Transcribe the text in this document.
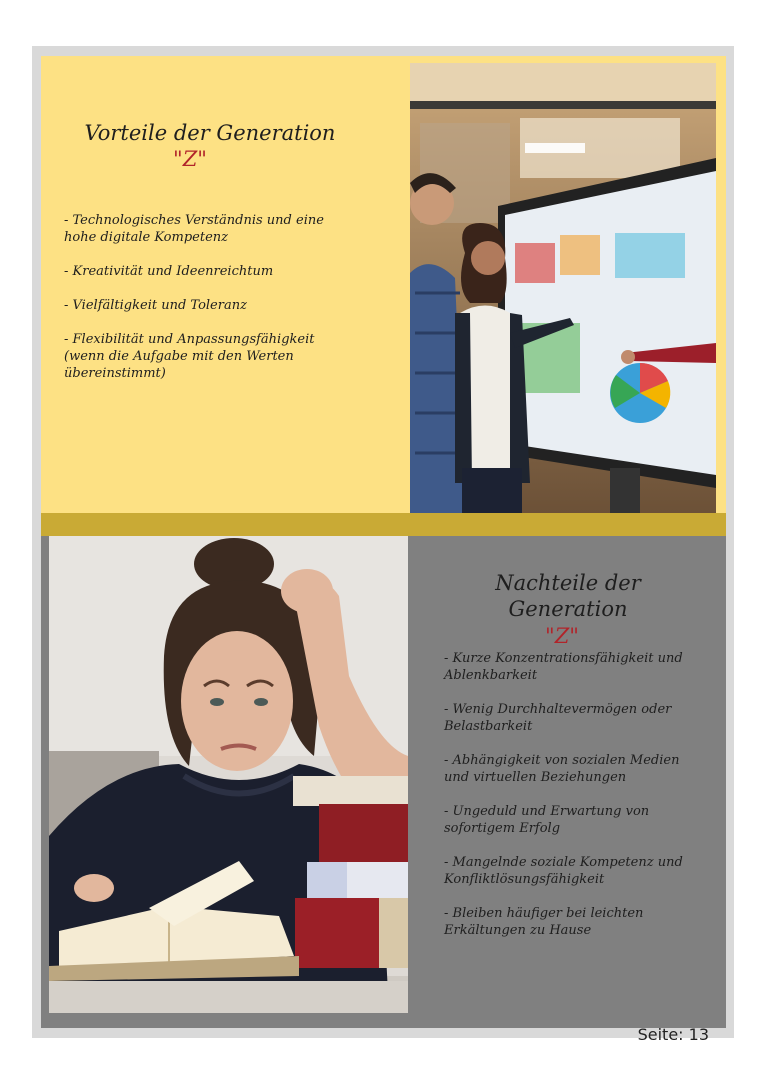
Vorteile der Generation
"Z"
- Technologisches Verständnis und eine
hohe digitale Kompetenz
- Kreativität und Ideenreichtum
- Vielfältigkeit und Toleranz
- Flexibilität und Anpassungsfähigkeit
(wenn die Aufgabe mit den Werten
übereinstimmt)
Nachteile der Generation
"Z"
- Kurze Konzentrationsfähigkeit und
Ablenkbarkeit
- Wenig Durchhaltevermögen oder
Belastbarkeit
- Abhängigkeit von sozialen Medien
und virtuellen Beziehungen
- Ungeduld und Erwartung von
sofortigem Erfolg
- Mangelnde soziale Kompetenz und
Konfliktlösungsfähigkeit
- Bleiben häufiger bei leichten
Erkältungen zu Hause
Seite: 13
